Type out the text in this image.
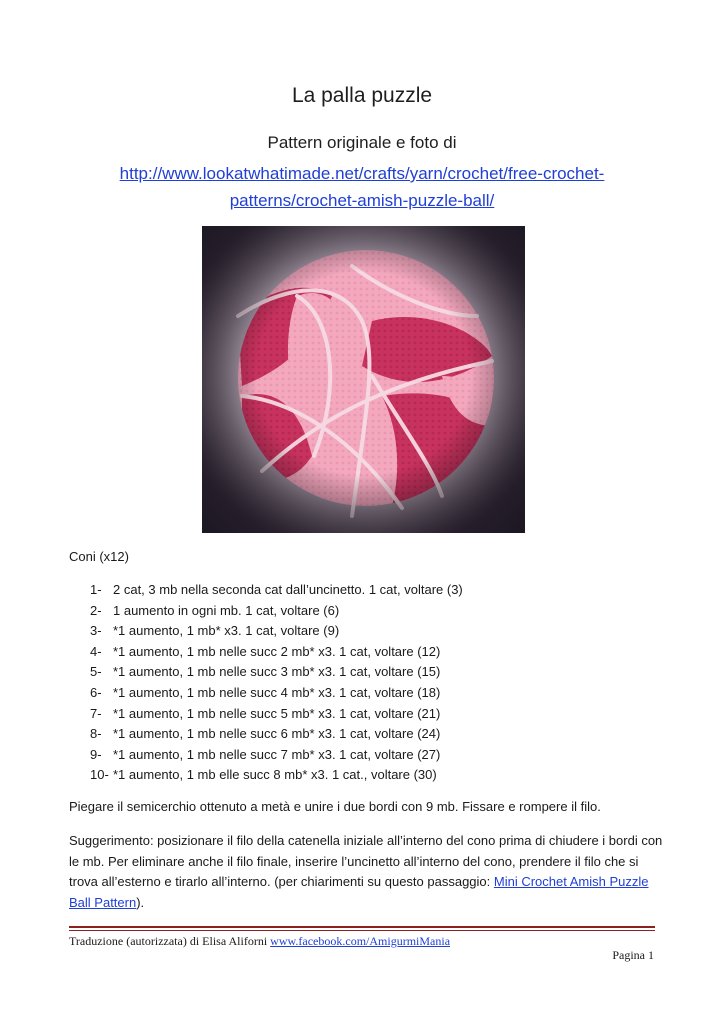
La palla puzzle
Pattern originale e foto di
http://www.lookatwhatimade.net/crafts/yarn/crochet/free-crochet-
patterns/crochet-amish-puzzle-ball/
Coni (x12)
1- 2 cat, 3 mb nella seconda cat dall’uncinetto. 1 cat, voltare (3)
2- 1 aumento in ogni mb. 1 cat, voltare (6)
3- *1 aumento, 1 mb* x3. 1 cat, voltare (9)
4- *1 aumento, 1 mb nelle succ 2 mb* x3. 1 cat, voltare (12)
5- *1 aumento, 1 mb nelle succ 3 mb* x3. 1 cat, voltare (15)
6- *1 aumento, 1 mb nelle succ 4 mb* x3. 1 cat, voltare (18)
7- *1 aumento, 1 mb nelle succ 5 mb* x3. 1 cat, voltare (21)
8- *1 aumento, 1 mb nelle succ 6 mb* x3. 1 cat, voltare (24)
9- *1 aumento, 1 mb nelle succ 7 mb* x3. 1 cat, voltare (27)
10- *1 aumento, 1 mb elle succ 8 mb* x3. 1 cat., voltare (30)
Piegare il semicerchio ottenuto a metà e unire i due bordi con 9 mb. Fissare e rompere il filo.
Suggerimento: posizionare il filo della catenella iniziale all’interno del cono prima di chiudere i bordi con le mb. Per eliminare anche il filo finale, inserire l’uncinetto all’interno del cono, prendere il filo che si trova all’esterno e tirarlo all’interno. (per chiarimenti su questo passaggio: Mini Crochet Amish Puzzle Ball Pattern).
Traduzione (autorizzata) di Elisa Aliforni www.facebook.com/AmigurmiMania
Pagina 1
